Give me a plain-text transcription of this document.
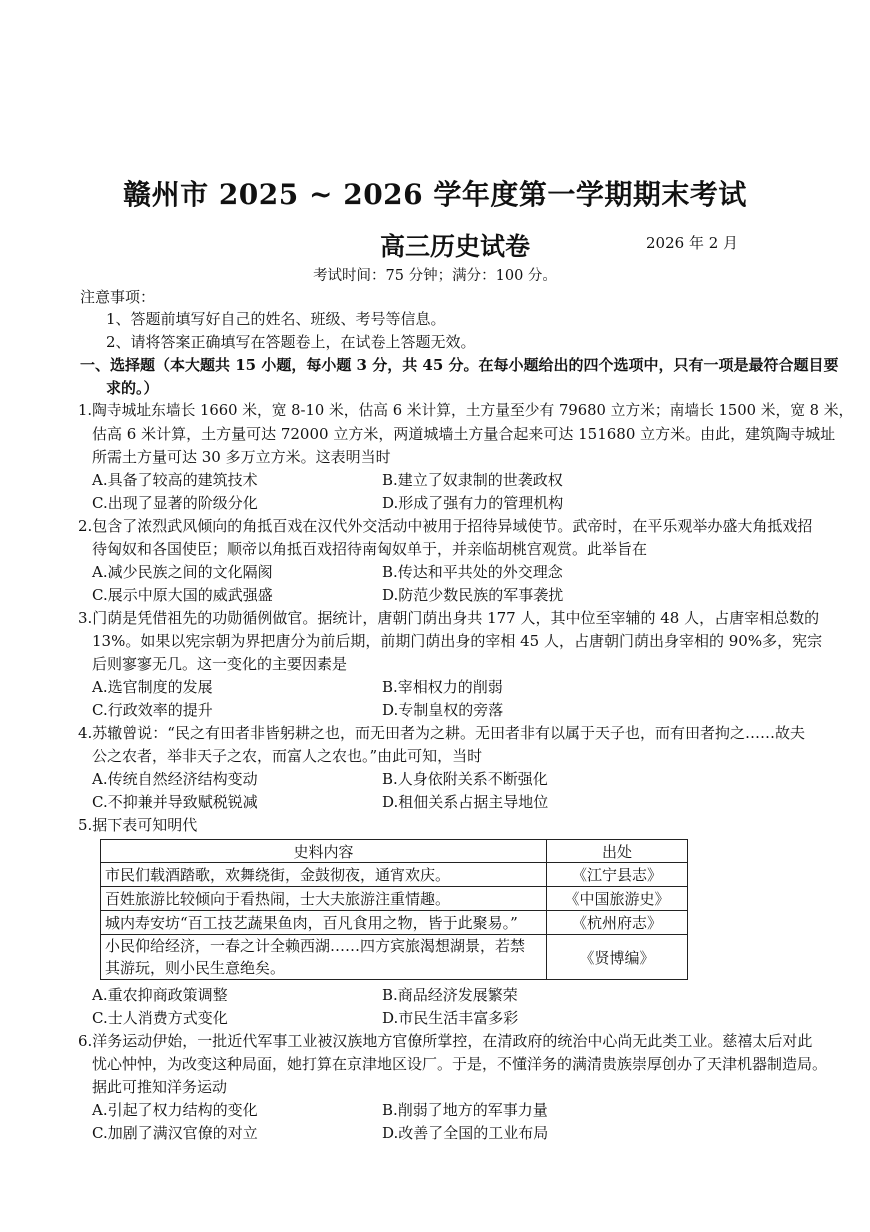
赣州市 2025 ~ 2026 学年度第一学期期末考试
高三历史试卷	2026 年 2 月
考试时间：75 分钟；满分：100 分。
注意事项：
1、答题前填写好自己的姓名、班级、考号等信息。
2、请将答案正确填写在答题卷上，在试卷上答题无效。
一、选择题（本大题共 15 小题，每小题 3 分，共 45 分。在每小题给出的四个选项中，只有一项是最符合题目要
求的。）
1.陶寺城址东墙长 1660 米，宽 8-10 米，估高 6 米计算，土方量至少有 79680 立方米；南墙长 1500 米，宽 8 米，
估高 6 米计算，土方量可达 72000 立方米，两道城墙土方量合起来可达 151680 立方米。由此，建筑陶寺城址
所需土方量可达 30 多万立方米。这表明当时
A.具备了较高的建筑技术	B.建立了奴隶制的世袭政权
C.出现了显著的阶级分化	D.形成了强有力的管理机构
2.包含了浓烈武风倾向的角抵百戏在汉代外交活动中被用于招待异域使节。武帝时，在平乐观举办盛大角抵戏招
待匈奴和各国使臣；顺帝以角抵百戏招待南匈奴单于，并亲临胡桃宫观赏。此举旨在
A.减少民族之间的文化隔阂	B.传达和平共处的外交理念
C.展示中原大国的威武强盛	D.防范少数民族的军事袭扰
3.门荫是凭借祖先的功勋循例做官。据统计，唐朝门荫出身共 177 人，其中位至宰辅的 48 人，占唐宰相总数的
13%。如果以宪宗朝为界把唐分为前后期，前期门荫出身的宰相 45 人，占唐朝门荫出身宰相的 90%多，宪宗
后则寥寥无几。这一变化的主要因素是
A.选官制度的发展	B.宰相权力的削弱
C.行政效率的提升	D.专制皇权的旁落
4.苏辙曾说：“民之有田者非皆躬耕之也，而无田者为之耕。无田者非有以属于天子也，而有田者拘之……故夫
公之农者，举非天子之农，而富人之农也。”由此可知，当时
A.传统自然经济结构变动	B.人身依附关系不断强化
C.不抑兼并导致赋税锐减	D.租佃关系占据主导地位
5.据下表可知明代
史料内容	出处
市民们载酒踏歌，欢舞绕街，金鼓彻夜，通宵欢庆。	《江宁县志》
百姓旅游比较倾向于看热闹，士大夫旅游注重情趣。	《中国旅游史》
城内寿安坊“百工技艺蔬果鱼肉，百凡食用之物，皆于此聚易。”	《杭州府志》

小民仰给经济，一春之计全赖西湖……四方宾旅渴想湖景，若禁
其游玩，则小民生意绝矣。	《贤博编》
A.重农抑商政策调整	B.商品经济发展繁荣
C.士人消费方式变化	D.市民生活丰富多彩
6.洋务运动伊始，一批近代军事工业被汉族地方官僚所掌控，在清政府的统治中心尚无此类工业。慈禧太后对此
忧心忡忡，为改变这种局面，她打算在京津地区设厂。于是，不懂洋务的满清贵族崇厚创办了天津机器制造局。
据此可推知洋务运动
A.引起了权力结构的变化	B.削弱了地方的军事力量
C.加剧了满汉官僚的对立	D.改善了全国的工业布局
